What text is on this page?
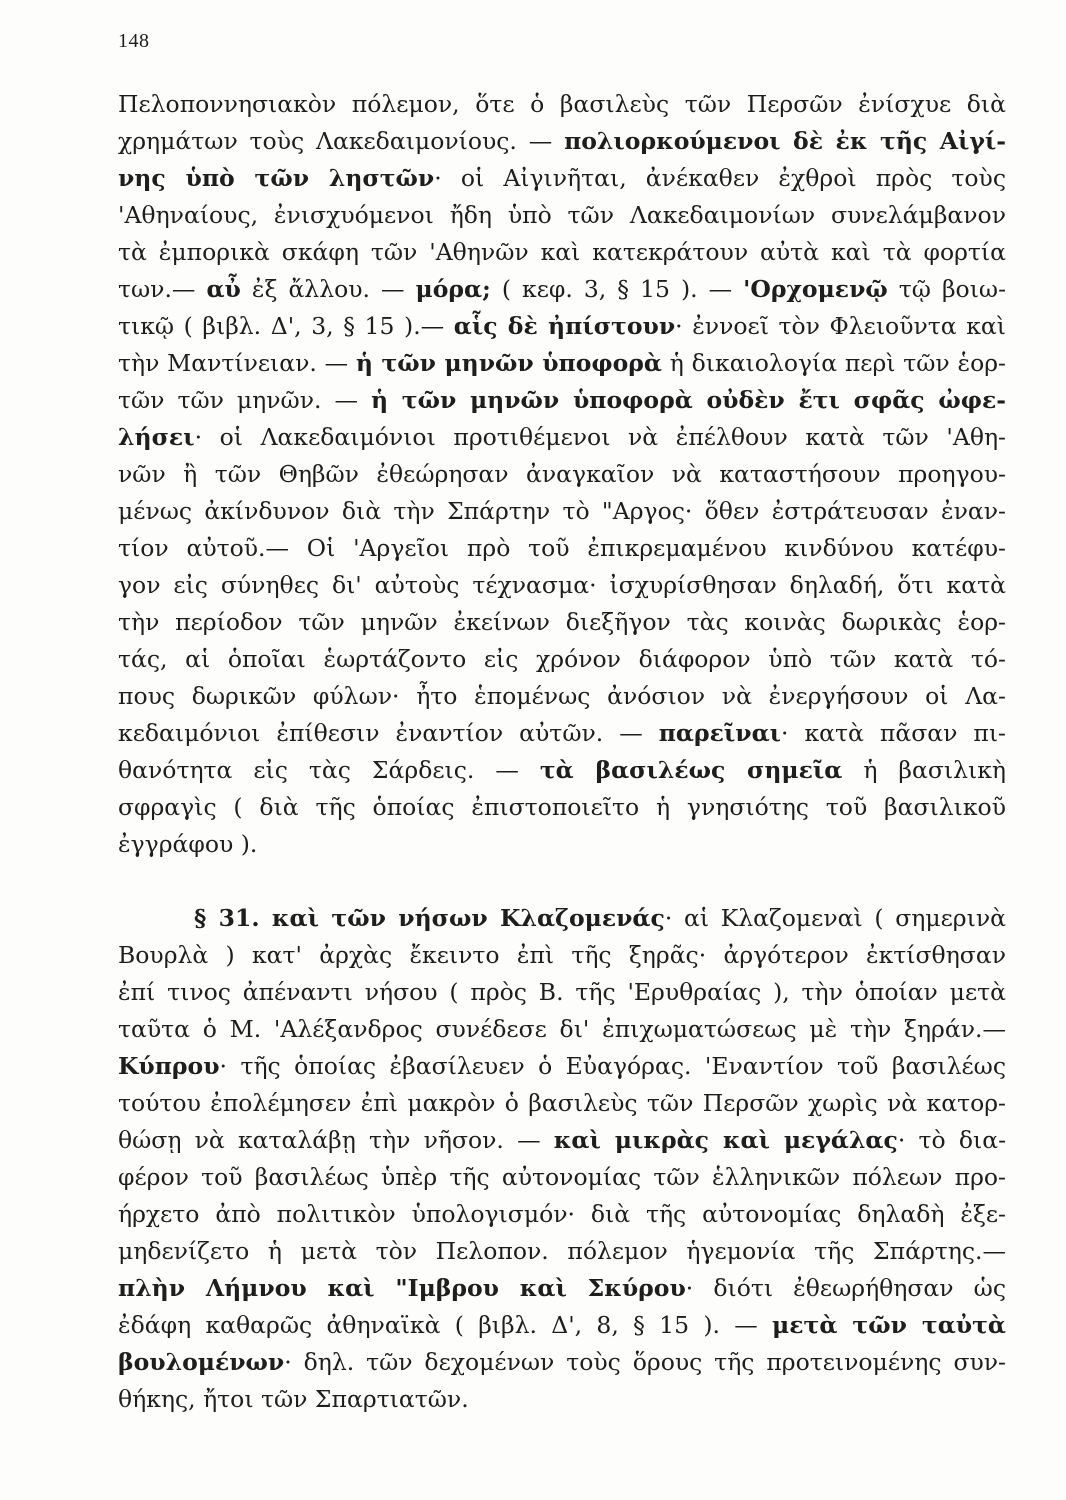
148
Πελοποννησιακὸν πόλεμον, ὅτε ὁ βασιλεὺς τῶν Περσῶν ἐνίσχυε διὰ
χρημάτων τοὺς Λακεδαιμονίους. — πολιορκούμενοι δὲ ἐκ τῆς Αἰγί-
νης ὑπὸ τῶν ληστῶν· οἱ Αἰγινῆται, ἀνέκαθεν ἐχθροὶ πρὸς τοὺς
'Αθηναίους, ἐνισχυόμενοι ἤδη ὑπὸ τῶν Λακεδαιμονίων συνελάμβανον
τὰ ἐμπορικὰ σκάφη τῶν 'Αθηνῶν καὶ κατεκράτουν αὐτὰ καὶ τὰ φορτία
των.— αὖ ἐξ ἄλλου. — μόρα; ( κεφ. 3, § 15 ). — 'Ορχομενῷ τῷ βοιω-
τικῷ ( βιβλ. Δ', 3, § 15 ).— αἷς δὲ ἠπίστουν· ἐννοεῖ τὸν Φλειοῦντα καὶ
τὴν Μαντίνειαν. — ἡ τῶν μηνῶν ὑποφορὰ ἡ δικαιολογία περὶ τῶν ἑορ-
τῶν τῶν μηνῶν. — ἡ τῶν μηνῶν ὑποφορὰ οὐδὲν ἔτι σφᾶς ὠφε-
λήσει· οἱ Λακεδαιμόνιοι προτιθέμενοι νὰ ἐπέλθουν κατὰ τῶν 'Αθη-
νῶν ἢ τῶν Θηβῶν ἐθεώρησαν ἀναγκαῖον νὰ καταστήσουν προηγου-
μένως ἀκίνδυνον διὰ τὴν Σπάρτην τὸ "Αργος· ὅθεν ἐστράτευσαν ἐναν-
τίον αὐτοῦ.— Οἱ 'Αργεῖοι πρὸ τοῦ ἐπικρεμαμένου κινδύνου κατέφυ-
γον εἰς σύνηθες δι' αὐτοὺς τέχνασμα· ἰσχυρίσθησαν δηλαδή, ὅτι κατὰ
τὴν περίοδον τῶν μηνῶν ἐκείνων διεξῆγον τὰς κοινὰς δωρικὰς ἑορ-
τάς, αἱ ὁποῖαι ἑωρτάζοντο εἰς χρόνον διάφορον ὑπὸ τῶν κατὰ τό-
πους δωρικῶν φύλων· ἦτο ἑπομένως ἀνόσιον νὰ ἐνεργήσουν οἱ Λα-
κεδαιμόνιοι ἐπίθεσιν ἐναντίον αὐτῶν. — παρεῖναι· κατὰ πᾶσαν πι-
θανότητα εἰς τὰς Σάρδεις. — τὰ βασιλέως σημεῖα ἡ βασιλικὴ
σφραγὶς ( διὰ τῆς ὁποίας ἐπιστοποιεῖτο ἡ γνησιότης τοῦ βασιλικοῦ
ἐγγράφου ).
§ 31. καὶ τῶν νήσων Κλαζομενάς· αἱ Κλαζομεναὶ ( σημερινὰ
Βουρλὰ ) κατ' ἀρχὰς ἔκειντο ἐπὶ τῆς ξηρᾶς· ἀργότερον ἐκτίσθησαν
ἐπί τινος ἀπέναντι νήσου ( πρὸς Β. τῆς 'Ερυθραίας ), τὴν ὁποίαν μετὰ
ταῦτα ὁ Μ. 'Αλέξανδρος συνέδεσε δι' ἐπιχωματώσεως μὲ τὴν ξηράν.—
Κύπρου· τῆς ὁποίας ἐβασίλευεν ὁ Εὐαγόρας. 'Εναντίον τοῦ βασιλέως
τούτου ἐπολέμησεν ἐπὶ μακρὸν ὁ βασιλεὺς τῶν Περσῶν χωρὶς νὰ κατορ-
θώσῃ νὰ καταλάβῃ τὴν νῆσον. — καὶ μικρὰς καὶ μεγάλας· τὸ δια-
φέρον τοῦ βασιλέως ὑπὲρ τῆς αὐτονομίας τῶν ἑλληνικῶν πόλεων προ-
ήρχετο ἀπὸ πολιτικὸν ὑπολογισμόν· διὰ τῆς αὐτονομίας δηλαδὴ ἐξε-
μηδενίζετο ἡ μετὰ τὸν Πελοπον. πόλεμον ἡγεμονία τῆς Σπάρτης.—
πλὴν Λήμνου καὶ "Ιμβρου καὶ Σκύρου· διότι ἐθεωρήθησαν ὡς
ἐδάφη καθαρῶς ἀθηναϊκὰ ( βιβλ. Δ', 8, § 15 ). — μετὰ τῶν ταὐτὰ
βουλομένων· δηλ. τῶν δεχομένων τοὺς ὅρους τῆς προτεινομένης συν-
θήκης, ἤτοι τῶν Σπαρτιατῶν.
